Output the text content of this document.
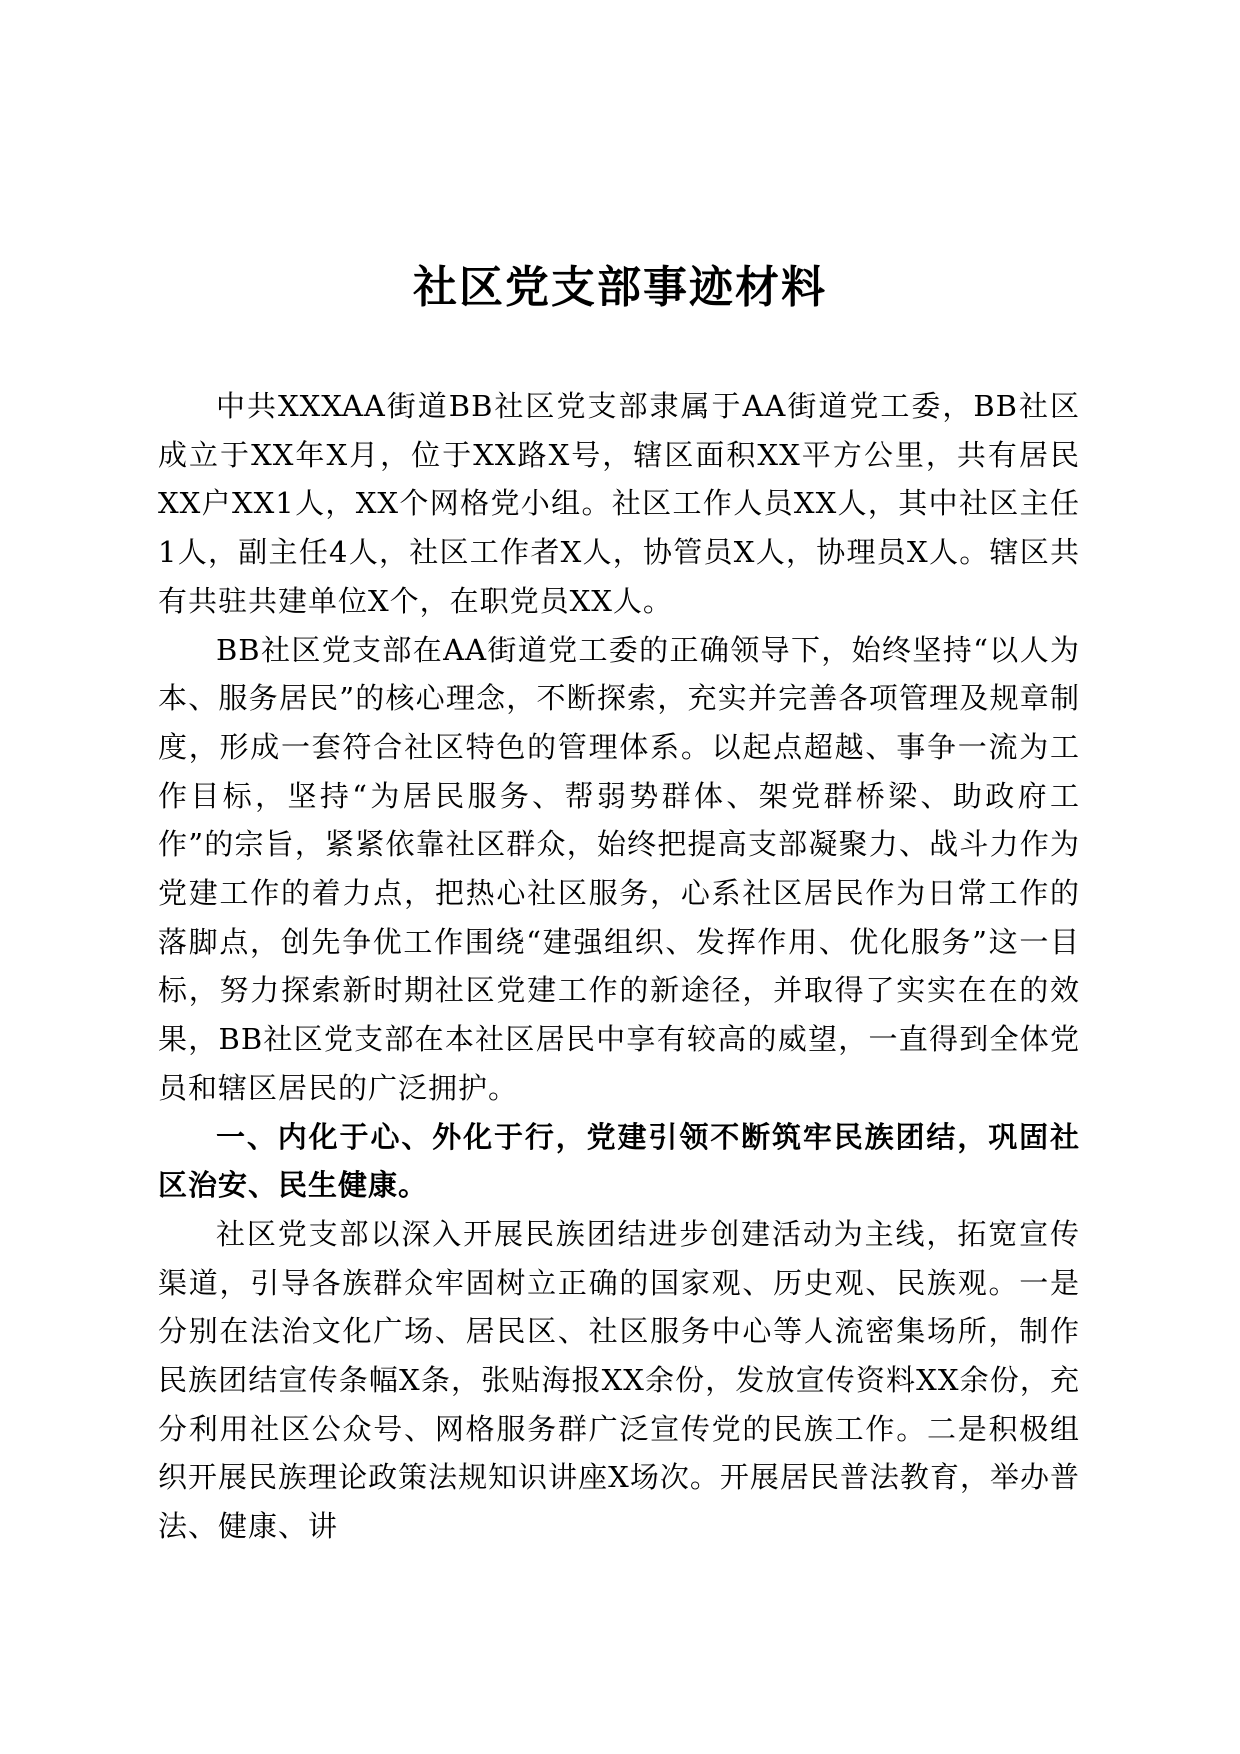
社区党支部事迹材料

中共XXXAA街道BB社区党支部隶属于AA街道党工委，BB社区成立于XX年X月，位于XX路X号，辖区面积XX平方公里，共有居民XX户XX1人，XX个网格党小组。社区工作人员XX人，其中社区主任1人，副主任4人，社区工作者X人，协管员X人，协理员X人。辖区共有共驻共建单位X个，在职党员XX人。

BB社区党支部在AA街道党工委的正确领导下，始终坚持“以人为本、服务居民”的核心理念，不断探索，充实并完善各项管理及规章制度，形成一套符合社区特色的管理体系。以起点超越、事争一流为工作目标，坚持“为居民服务、帮弱势群体、架党群桥梁、助政府工作”的宗旨，紧紧依靠社区群众，始终把提高支部凝聚力、战斗力作为党建工作的着力点，把热心社区服务，心系社区居民作为日常工作的落脚点，创先争优工作围绕“建强组织、发挥作用、优化服务”这一目标，努力探索新时期社区党建工作的新途径，并取得了实实在在的效果，BB社区党支部在本社区居民中享有较高的威望，一直得到全体党员和辖区居民的广泛拥护。

一、内化于心、外化于行，党建引领不断筑牢民族团结，巩固社区治安、民生健康。

社区党支部以深入开展民族团结进步创建活动为主线，拓宽宣传渠道，引导各族群众牢固树立正确的国家观、历史观、民族观。一是分别在法治文化广场、居民区、社区服务中心等人流密集场所，制作民族团结宣传条幅X条，张贴海报XX余份，发放宣传资料XX余份，充分利用社区公众号、网格服务群广泛宣传党的民族工作。二是积极组织开展民族理论政策法规知识讲座X场次。开展居民普法教育，举办普法、健康、讲
